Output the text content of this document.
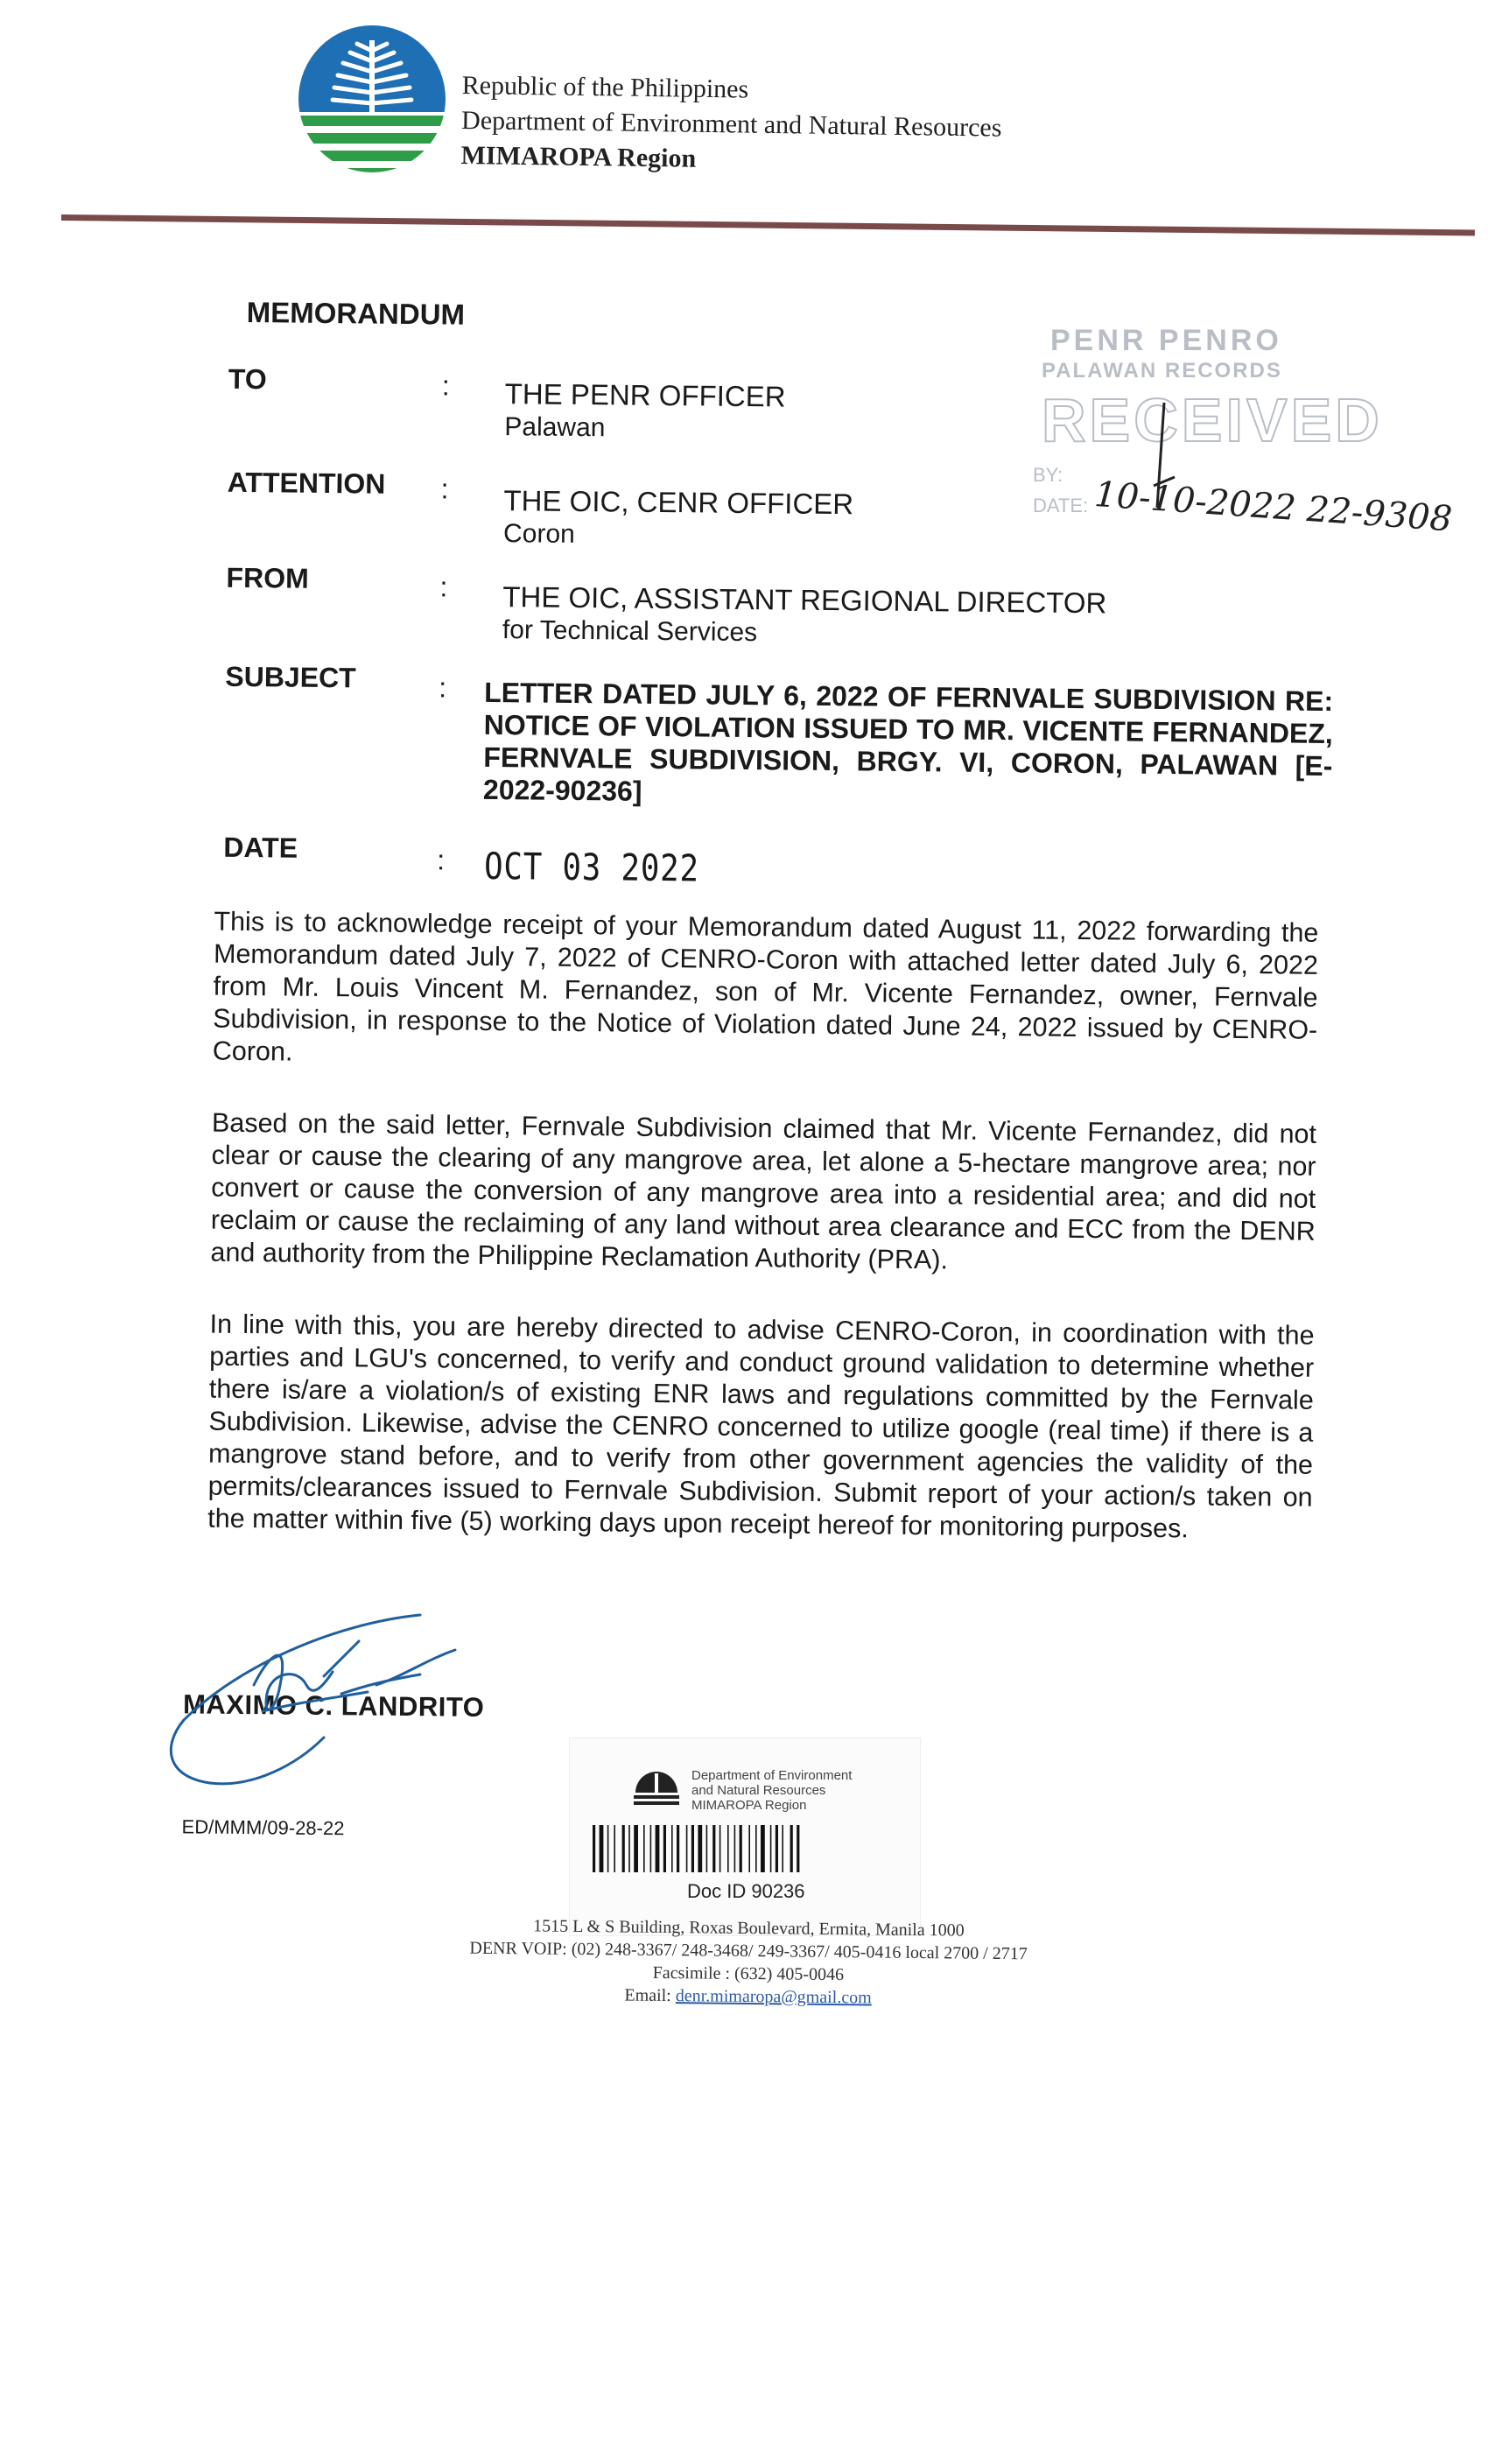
Republic of the Philippines
Department of Environment and Natural Resources
MIMAROPA Region
MEMORANDUM
TO	: THE PENR OFFICER
Palawan
ATTENTION : THE OIC, CENR OFFICER
Coron
FROM	: THE OIC, ASSISTANT REGIONAL DIRECTOR
for Technical Services
SUBJECT	: LETTER DATED JULY 6, 2022 OF FERNVALE SUBDIVISION RE: NOTICE OF VIOLATION ISSUED TO MR. VICENTE FERNANDEZ, FERNVALE SUBDIVISION, BRGY. VI, CORON, PALAWAN [E-2022-90236]
DATE	: OCT 03 2022
This is to acknowledge receipt of your Memorandum dated August 11, 2022 forwarding the Memorandum dated July 7, 2022 of CENRO-Coron with attached letter dated July 6, 2022 from Mr. Louis Vincent M. Fernandez, son of Mr. Vicente Fernandez, owner, Fernvale Subdivision, in response to the Notice of Violation dated June 24, 2022 issued by CENRO-Coron.
Based on the said letter, Fernvale Subdivision claimed that Mr. Vicente Fernandez, did not clear or cause the clearing of any mangrove area, let alone a 5-hectare mangrove area; nor convert or cause the conversion of any mangrove area into a residential area; and did not reclaim or cause the reclaiming of any land without area clearance and ECC from the DENR and authority from the Philippine Reclamation Authority (PRA).
In line with this, you are hereby directed to advise CENRO-Coron, in coordination with the parties and LGU's concerned, to verify and conduct ground validation to determine whether there is/are a violation/s of existing ENR laws and regulations committed by the Fernvale Subdivision. Likewise, advise the CENRO concerned to utilize google (real time) if there is a mangrove stand before, and to verify from other government agencies the validity of the permits/clearances issued to Fernvale Subdivision. Submit report of your action/s taken on the matter within five (5) working days upon receipt hereof for monitoring purposes.
MAXIMO C. LANDRITO
ED/MMM/09-28-22
PENR PENRO
PALAWAN RECORDS
RECEIVED
BY:
DATE: 10-10-2022 22-9308
Department of Environment
and Natural Resources
MIMAROPA Region
Doc ID 90236
1515 L & S Building, Roxas Boulevard, Ermita, Manila 1000
DENR VOIP: (02) 248-3367/ 248-3468/ 249-3367/ 405-0416 local 2700 / 2717
Facsimile : (632) 405-0046
Email: denr.mimaropa@gmail.com
